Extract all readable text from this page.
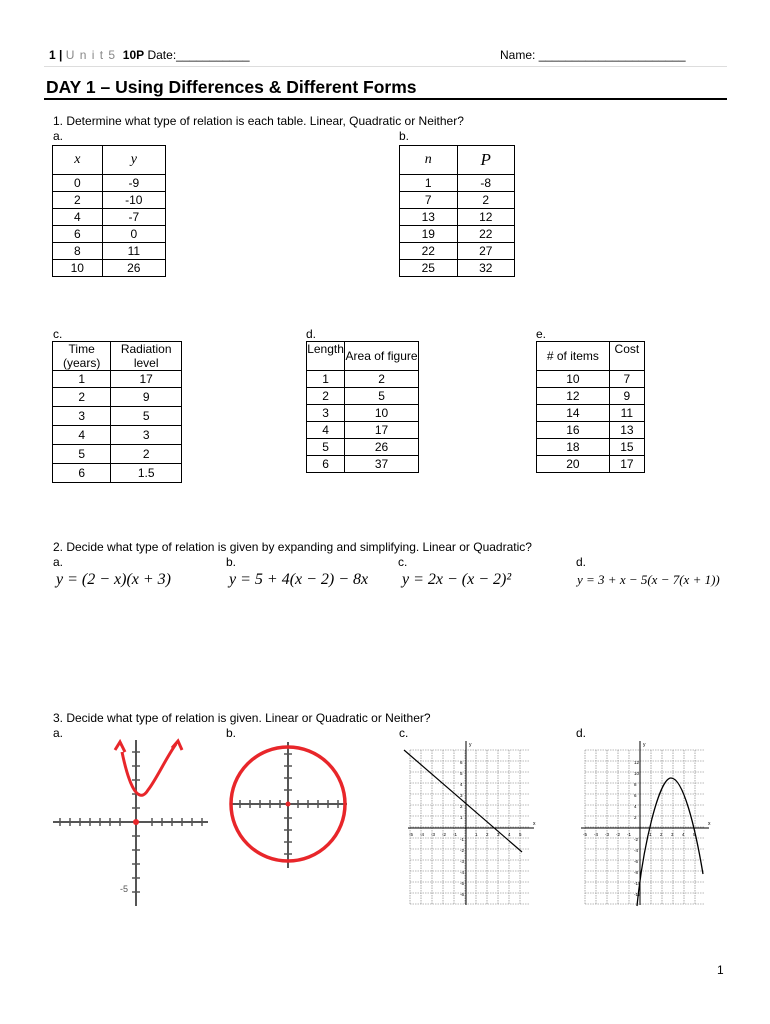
1 | U n i t 5 10P Date:___________	Name: ______________________
DAY 1 – Using Differences & Different Forms
1. Determine what type of relation is each table. Linear, Quadratic or Neither?
a.	b.
x	y
0	-9
2	-10
4	-7
6	0
8	11
10	26
n	P
1	-8
7	2
13	12
19	22
22	27
25	32
c.	d.	e.
Time (years)	Radiation level
1	17
2	9
3	5
4	3
5	2
6	1.5
Length	Area of figure
1	2
2	5
3	10
4	17
5	26
6	37
# of items	Cost
10	7
12	9
14	11
16	13
18	15
20	17
2. Decide what type of relation is given by expanding and simplifying. Linear or Quadratic?
a.	b.	c.	d.
y = (2 − x)(x + 3)	y = 5 + 4(x − 2) − 8x y = 2x − (x − 2)²	y = 3 + x − 5(x − 7(x + 1))
3. Decide what type of relation is given. Linear or Quadratic or Neither?
a.	b.	c.	d.
-5
x
y
-5 -4 -3 -2 -1	1 2 3 4 5
6
5
4
3
2
1
-1
-2
-3
-4
-5
-6
x
y
-5 -4 -3 -2 -1	1 2 3 4 5
12
10
8
6
4
2
-2
-4
-6
-8
-10
-12
1
